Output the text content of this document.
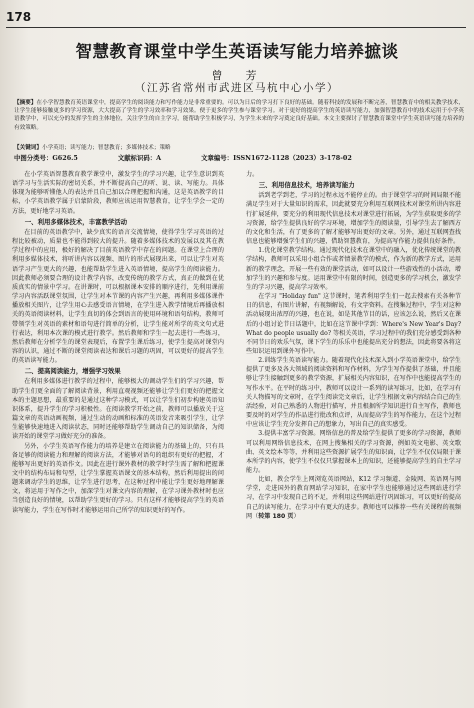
178
智慧教育课堂中学生英语读写能力培养摭谈
曾　芳
（江苏省常州市武进区马杭中心小学）
【摘要】在小学智慧教育英语课堂中，提高学生的阅读能力和写作能力是非常重要的。可以为日后的学习打下良好的基础。随着科技的发展和不断完善，智慧教育中的相关教学技术，让学生能够接触更多的学习资源，大大提高了学生的学习效率和学习效果。便于更多的学生参与课堂学习。对于更好的提高学生的英语读写能力，加强智慧教育中的技术运用于小学英语教学中，可以充分的发挥学生的主体地位，关注学生的自主学习，能帮助学生积极学习，为学生未来的学习奠定良好基础。本文主要探讨了智慧教育课堂中学生英语读写能力培养的有效策略。
【关键词】小学英语；读写能力；智慧教育；多媒体技术；策略
中图分类号：G626.5	文献标识码：A	文章编号：ISSN1672-1128（2023）3-178-02

在小学英语智慧教育教学课堂中，激发学生的学习兴趣，让学生意识到英语学习与生活实际的密切关系，并不断提高自己的听、说、读、写能力。具体体现为能够听懂他人的表达并且自己加以合理把握和沟通，这是英语教学的目标，小学英语教学属于启蒙阶段，教师应该运用智慧教育，让学生学会一定的方法，更好地学习英语。

一、利用多媒体技术，丰富教学活动

在目前的英语教学中，缺少真实的语言交流情境，使得学生学习英语的过程比较被动，质量也不能得到较大的提升。随着多媒体技术的发展以及其在教学过程中的应用，极好的解决了目前英语教学中存在的问题。在课堂上合理的利用多媒体技术，将听讲内容以视频、图片的形式展现出来，可以让学生对英语学习产生更大的兴趣，也能帮助学生进入英语情境，提高学生的阅读能力。因此教师必须要合理的设计教学内容，改变传统的教学方式，真正的做到在优质真实的情景中学习。在讲课时，可以根据课本安排的顺序进行，先利用课前学习内容活跃课堂氛围，让学生对本节课的内容产生兴趣，再利用多媒体课件播放相关图片，让学生用心去感受语言情境，在学生进入教学情境后再播放相关的英语阅读材料，让学生真切的体会到语言的使用环境和语句结构，教师可带领学生对英语的素材和语句进行简单的分析，让学生能对所学的英文句式进行表达，利用本次课的模式进行教学。然后教师和学生一起去进行一些练习，然后教师在分析学生的课堂表现后，布置学生课后练习，使学生提高对课堂内容的认识，通过不断的课堂阅读表达和课后习题的巩固，可以更好的提高学生的英语读写能力。

二、提高阅读能力，增强学习效果

在利用多媒体进行教学的过程中，能够极大的调动学生们的学习兴趣，帮助学生们更全面的了解阅读背景，利用直观视频还能够让学生们更好的把握文本的主题思想，最重要的是通过这种学习模式，可以让学生们初步构建英语知识体系，提升学生的学习积极性。在阅读教学开始之前，教师可以播放关于这篇文章的英语动画视频，通过生动的动画和标准的英语发音来吸引学生，让学生能够快速地进入阅读状态，同时还能够帮助学生调动自己的知识储备，为阅读开始的课堂学习做好充分的准备。

另外，小学生英语写作能力的培养是建立在阅读能力的基础上的，只有具备足够的阅读能力和理解的阅读方法，才能够对语句的组织有更好的把握，才能够写出更好的英语作文。因此在进行课外教材的教学时学生需了解和把握课文中的结构布局和句型，让学生掌握英语课文的基本结构，然后利用提出的问题来调动学生的思维，让学生进行思考，在这种过程中能让学生更好地理解课文，将运用于写作之中，加深学生对课文内容的理解，在学习课外教材时也应当创造良好的情境，以帮助学生更好的学习。只有这样才能够提高学生的英语读写能力，学生在写作时才能够运用自己所学的知识更好的写作。

力。

三、利用信息技术，培养读写能力

活到老学到老，学习的过程永远不能停止的。由于课堂学习的时间局限不能满足学生对于大量知识的需求，因此就要充分利用互联网技术对课堂所讲内容进行扩展延伸，要充分的利用现代信息技术对课堂进行拓展，为学生获取更多的学习资源，给学生提供良好的学习环境，增加学生的阅读量，引导学生去了解西方的文化和生活，有了更多的了解才能够写出更好的文章。另外，通过互联网查找信息也能够增强学生们的兴趣，借助智慧教育，为提高写作能力提供良好条件。

1.优化课堂教学结构。通过现代化技术在课堂中的融入，优化传统课堂的教学结构，教师可以采用小组合作或者情景教学的模式，作为新的教学方式，运用新的教学理念，开展一些有效的课堂活动，如可以设计一些游戏性的小活动，增加学生的兴趣和参与度。运用课堂中有限的时间，创造更多的学习机会，激发学生的学习兴趣，提高学习效率。

在学习 "Holiday fun" 这节课时，笔者利用学生们一起去搜索有关各种节日的信息，有图片讲解，有视频解说，有文字资料。在搜集过程中，学生对这种活动展现出浓厚的兴趣，也在说，如是其他节目的话，应该怎么说，然后又在课后的小组讨论节日话题中，比如在这节课中学到：Where's New Year's Day? What do people usually do? 等相关英语，学习过程中的我们充分感受到各种不同节日的欢乐气氛，课下学生的乐乐中也能提出充分的想法，因此将要各将这些知识运用到课外写作中。

2.训练学生英语读写能力。随着现代化技术深入到小学英语课堂中，给学生提供了更多及各大领域的阅读资料和写作材料，为学生写作提供了基础，并且能够让学生接触到更多的教学资源，扩展相关内容知识，在写作中也能提高学生的写作水平。在平时的练习中，教师可以设计一系列的读写练习，比如，在学习有关人物描写的文章时，在学生阅读完文章后，让学生根据文章内容结合自己的生活经验，对自己熟悉的人物进行描写，并且根据所学知识进行自主写作，教师也要及时的对学生的作品进行批改和点评，从而提高学生的写作能力，在这个过程中应该让学生充分发挥自己的想象力，写出自己的真实感受。

3.提供丰富学习资源。网络信息的普及给学生提供了更多的学习资源，教师可以利用网络信息技术，在网上搜集相关的学习资源，例如英文电影、英文歌曲、英文绘本等等，并利用这些资源扩展学生的知识面，让学生不仅仅局限于课本所学的内容，使学生不仅仅只掌握课本上的知识，还能够提高学生的自主学习能力。

比如，教会学生上网浏览英语网站，K12 学习频道、金陵网、英语网与网学堂，走进国外的教育网站学习知识，在家中学生也能够通过这些网站进行学习，在学习中发现自己的不足，并利用这些网站进行巩固练习，可以更好的提高自己的读写能力，在学习中有更大的进步。教师也可以推荐一些有关课程的视频网（转第 180 页）
